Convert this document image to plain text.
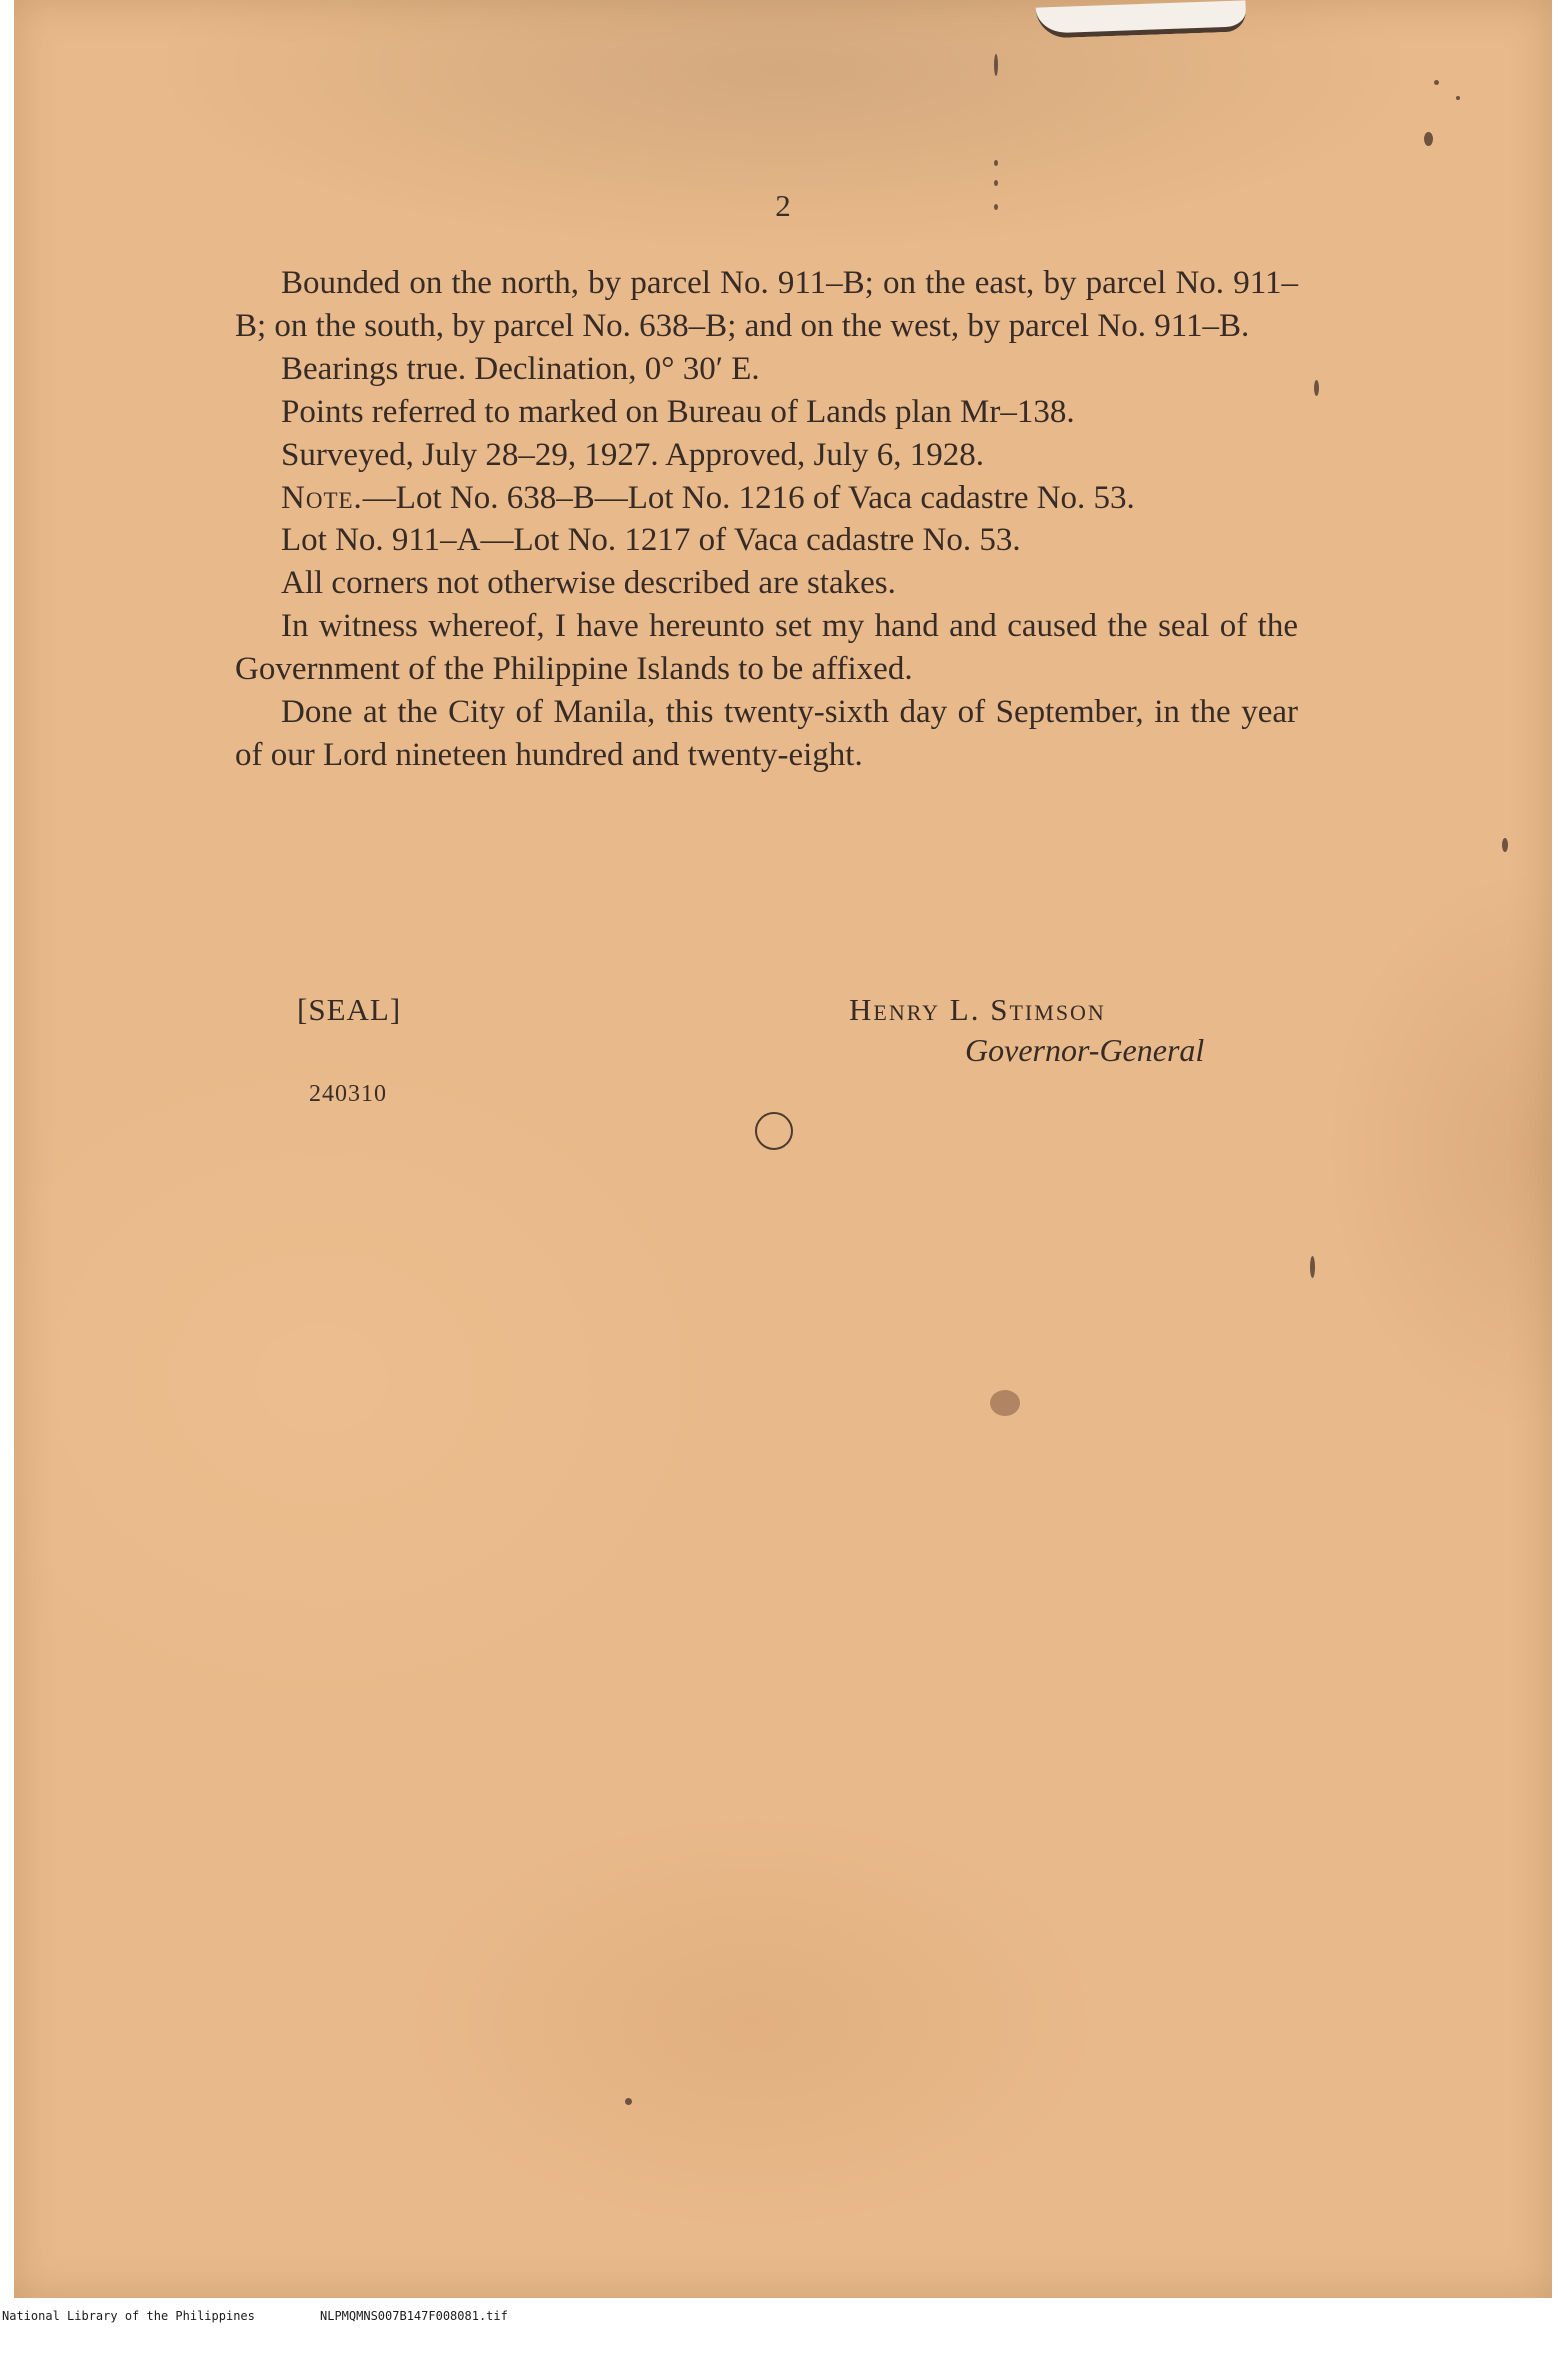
2

Bounded on the north, by parcel No. 911–B; on the east, by parcel No. 911–B; on the south, by parcel No. 638–B; and on the west, by parcel No. 911–B.

Bearings true. Declination, 0° 30′ E.

Points referred to marked on Bureau of Lands plan Mr–138.

Surveyed, July 28–29, 1927. Approved, July 6, 1928.

Note.—Lot No. 638–B—Lot No. 1216 of Vaca cadastre No. 53.

Lot No. 911–A—Lot No. 1217 of Vaca cadastre No. 53.

All corners not otherwise described are stakes.

In witness whereof, I have hereunto set my hand and caused the seal of the Government of the Philippine Islands to be affixed.

Done at the City of Manila, this twenty-sixth day of September, in the year of our Lord nineteen hundred and twenty-eight.

[SEAL]	Henry L. Stimson
Governor-General
240310

National Library of the Philippines

	NLPMQMNS007B147F008081.tif
